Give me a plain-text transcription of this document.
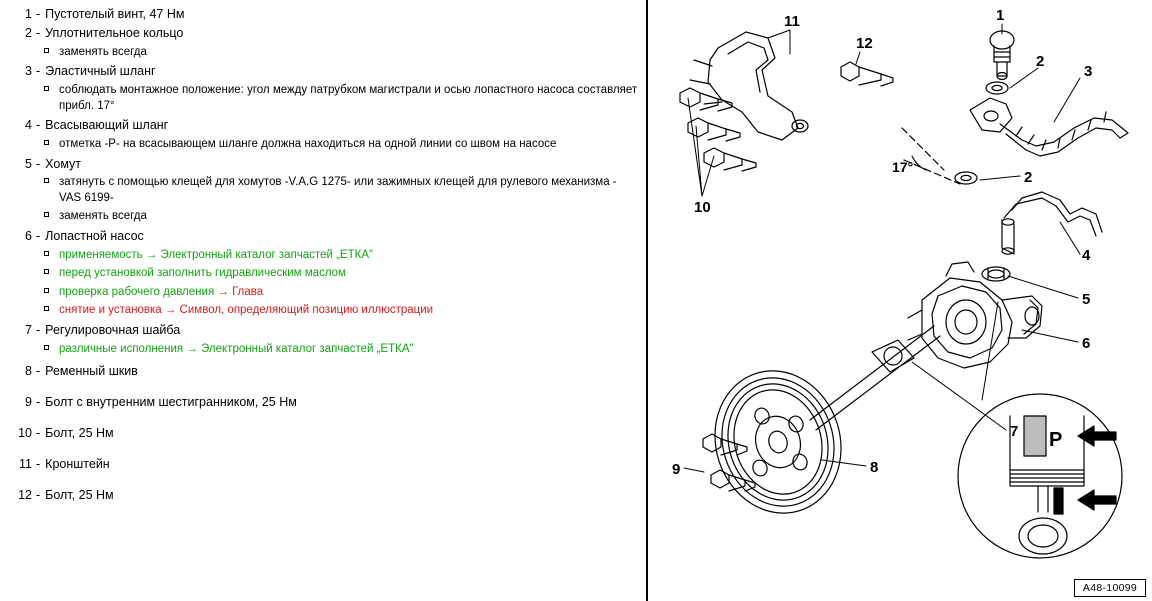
1 - Пустотелый винт, 47 Нм
2 - Уплотнительное кольцо
заменять всегда
3 - Эластичный шланг
соблюдать монтажное положение: угол между патрубком магистрали и осью лопастного насоса составляет прибл. 17°
4 - Всасывающий шланг
отметка -Р- на всасывающем шланге должна находиться на одной линии со швом на насосе
5 - Хомут
затянуть с помощью клещей для хомутов -V.A.G 1275- или зажимных клещей для рулевого механизма -VAS 6199-
заменять всегда
6 - Лопастной насос
применяемость → Электронный каталог запчастей „ЕТКА"
перед установкой заполнить гидравлическим маслом
проверка рабочего давления → Глава
снятие и установка → Символ, определяющий позицию иллюстрации
7 - Регулировочная шайба
различные исполнения → Электронный каталог запчастей „ЕТКА"
8 - Ременный шкив
9 - Болт с внутренним шестигранником, 25 Нм
10 - Болт, 25 Нм
11 - Кронштейн
12 - Болт, 25 Нм
11
12
10
1
2
3
2
4
5
6
7
8
9
17°
P
A48-10099
